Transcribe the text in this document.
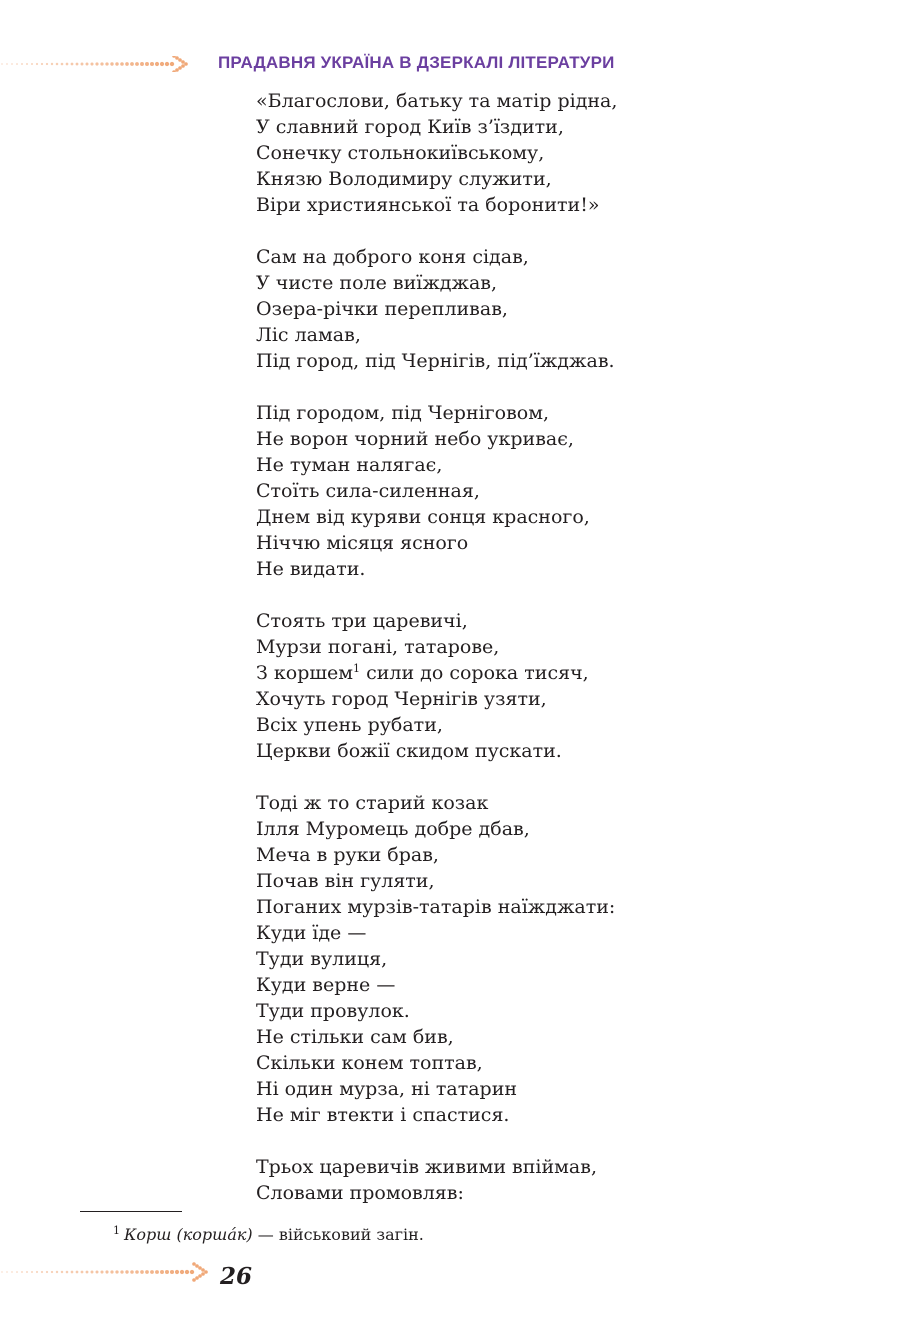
ПРАДАВНЯ УКРАЇНА В ДЗЕРКАЛІ ЛІТЕРАТУРИ
«Благослови, батьку та матір рідна,
У славний город Київ з’їздити,
Сонечку стольнокиївському,
Князю Володимиру служити,
Віри християнської та боронити!»
Сам на доброго коня сідав,
У чисте поле виїжджав,
Озера-річки перепливав,
Ліс ламав,
Під город, під Чернігів, під’їжджав.
Під городом, під Черніговом,
Не ворон чорний небо укриває,
Не туман налягає,
Стоїть сила-силенная,
Днем від куряви сонця красного,
Ніччю місяця ясного
Не видати.
Стоять три царевичі,
Мурзи погані, татарове,
З коршем$^1$ сили до сорока тисяч,
Хочуть город Чернігів узяти,
Всіх упень рубати,
Церкви божії скидом пускати.
Тоді ж то старий козак
Ілля Муромець добре дбав,
Меча в руки брав,
Почав він гуляти,
Поганих мурзів-татарів наїжджати:
Куди їде —
Туди вулиця,
Куди верне —
Туди провулок.
Не стільки сам бив,
Скільки конем топтав,
Ні один мурза, ні татарин
Не міг втекти і спастися.
Трьох царевичів живими впіймав,
Словами промовляв:
$^1$ Корш (коршáк) — військовий загін.
26
